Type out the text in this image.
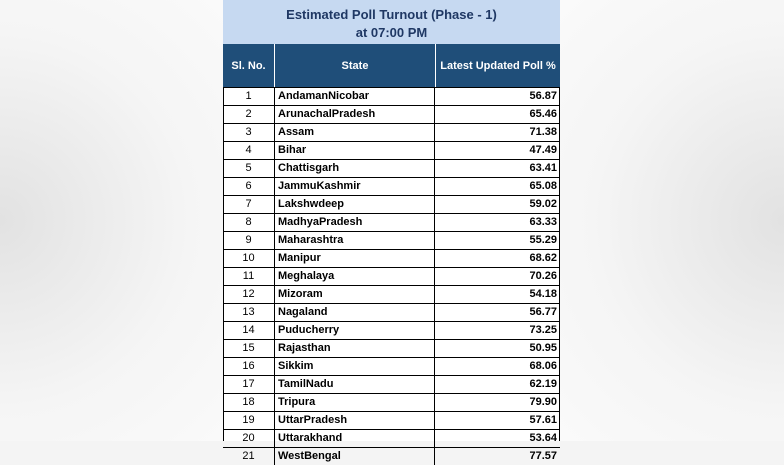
Estimated Poll Turnout (Phase - 1)
at 07:00 PM
Sl. No.	State	Latest Updated Poll %
1	AndamanNicobar	56.87
2	ArunachalPradesh	65.46
3	Assam	71.38
4	Bihar	47.49
5	Chattisgarh	63.41
6	JammuKashmir	65.08
7	Lakshwdeep	59.02
8	MadhyaPradesh	63.33
9	Maharashtra	55.29
10	Manipur	68.62
11	Meghalaya	70.26
12	Mizoram	54.18
13	Nagaland	56.77
14	Puducherry	73.25
15	Rajasthan	50.95
16	Sikkim	68.06
17	TamilNadu	62.19
18	Tripura	79.90
19	UttarPradesh	57.61
20	Uttarakhand	53.64
21	WestBengal	77.57
